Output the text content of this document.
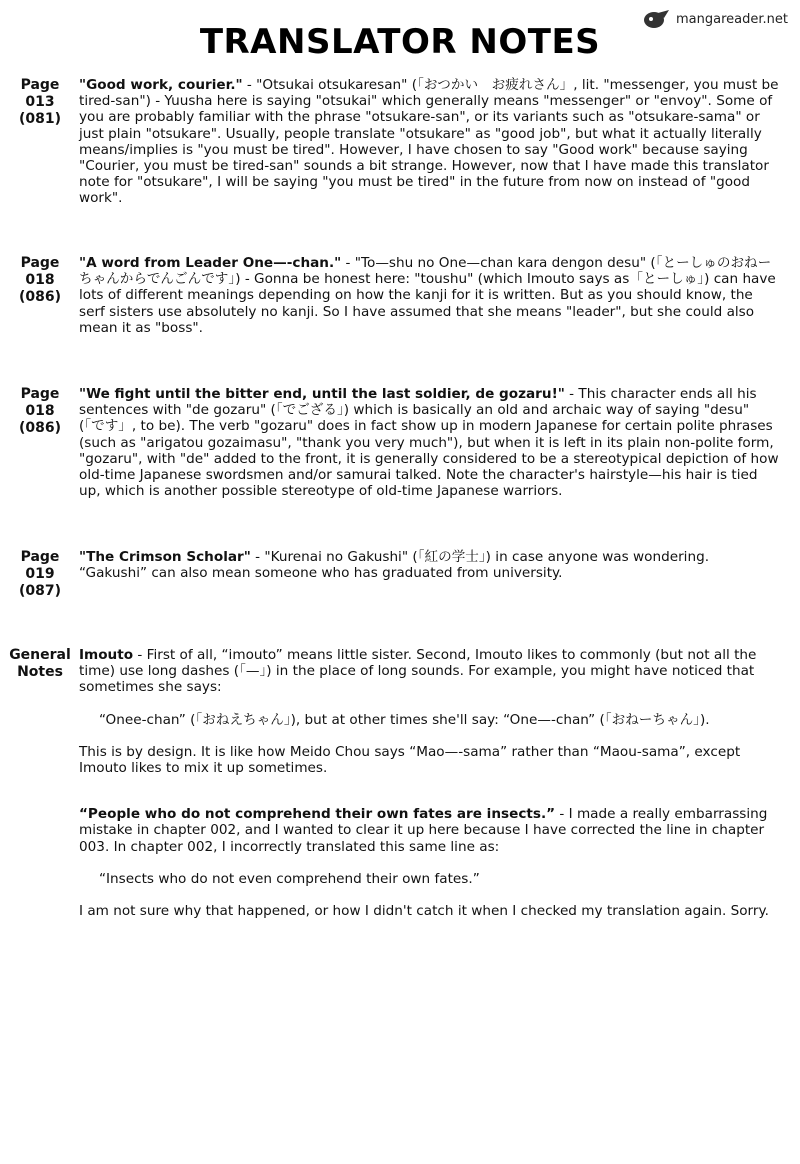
mangareader.net
TRANSLATOR NOTES
Page
013
(081)

"Good work, courier." - "Otsukai otsukaresan" (「おつかい　お疲れさん」, lit. "messenger, you must be tired-san") - Yuusha here is saying "otsukai" which generally means "messenger" or "envoy". Some of you are probably familiar with the phrase "otsukare-san", or its variants such as "otsukare-sama" or just plain "otsukare". Usually, people translate "otsukare" as "good job", but what it actually literally means/implies is "you must be tired". However, I have chosen to say "Good work" because saying "Courier, you must be tired-san" sounds a bit strange. However, now that I have made this translator note for "otsukare", I will be saying "you must be tired" in the future from now on instead of "good work".

Page
018
(086)

"A word from Leader One—-chan." - "To—shu no One—chan kara dengon desu" (「とーしゅのおねーちゃんからでんごんです」) - Gonna be honest here: "toushu" (which Imouto says as「とーしゅ」) can have lots of different meanings depending on how the kanji for it is written. But as you should know, the serf sisters use absolutely no kanji. So I have assumed that she means "leader", but she could also mean it as "boss".

Page
018
(086)

"We fight until the bitter end, until the last soldier, de gozaru!" - This character ends all his sentences with "de gozaru" (「でござる」) which is basically an old and archaic way of saying "desu" (「です」, to be). The verb "gozaru" does in fact show up in modern Japanese for certain polite phrases (such as "arigatou gozaimasu", "thank you very much"), but when it is left in its plain non-polite form, "gozaru", with "de" added to the front, it is generally considered to be a stereotypical depiction of how old-time Japanese swordsmen and/or samurai talked. Note the character's hairstyle—his hair is tied up, which is another possible stereotype of old-time Japanese warriors.

Page
019
(087)

"The Crimson Scholar" - "Kurenai no Gakushi" (「紅の学士」) in case anyone was wondering. “Gakushi” can also mean someone who has graduated from university.

General
Notes

Imouto - First of all, “imouto” means little sister. Second, Imouto likes to commonly (but not all the time) use long dashes (「—」) in the place of long sounds. For example, you might have noticed that sometimes she says:

“Onee-chan” (「おねえちゃん」), but at other times she'll say: “One—-chan” (「おねーちゃん」).

This is by design. It is like how Meido Chou says “Mao—-sama” rather than “Maou-sama”, except Imouto likes to mix it up sometimes.

“People who do not comprehend their own fates are insects.” - I made a really embarrassing mistake in chapter 002, and I wanted to clear it up here because I have corrected the line in chapter 003. In chapter 002, I incorrectly translated this same line as:

“Insects who do not even comprehend their own fates.”

I am not sure why that happened, or how I didn't catch it when I checked my translation again. Sorry.
